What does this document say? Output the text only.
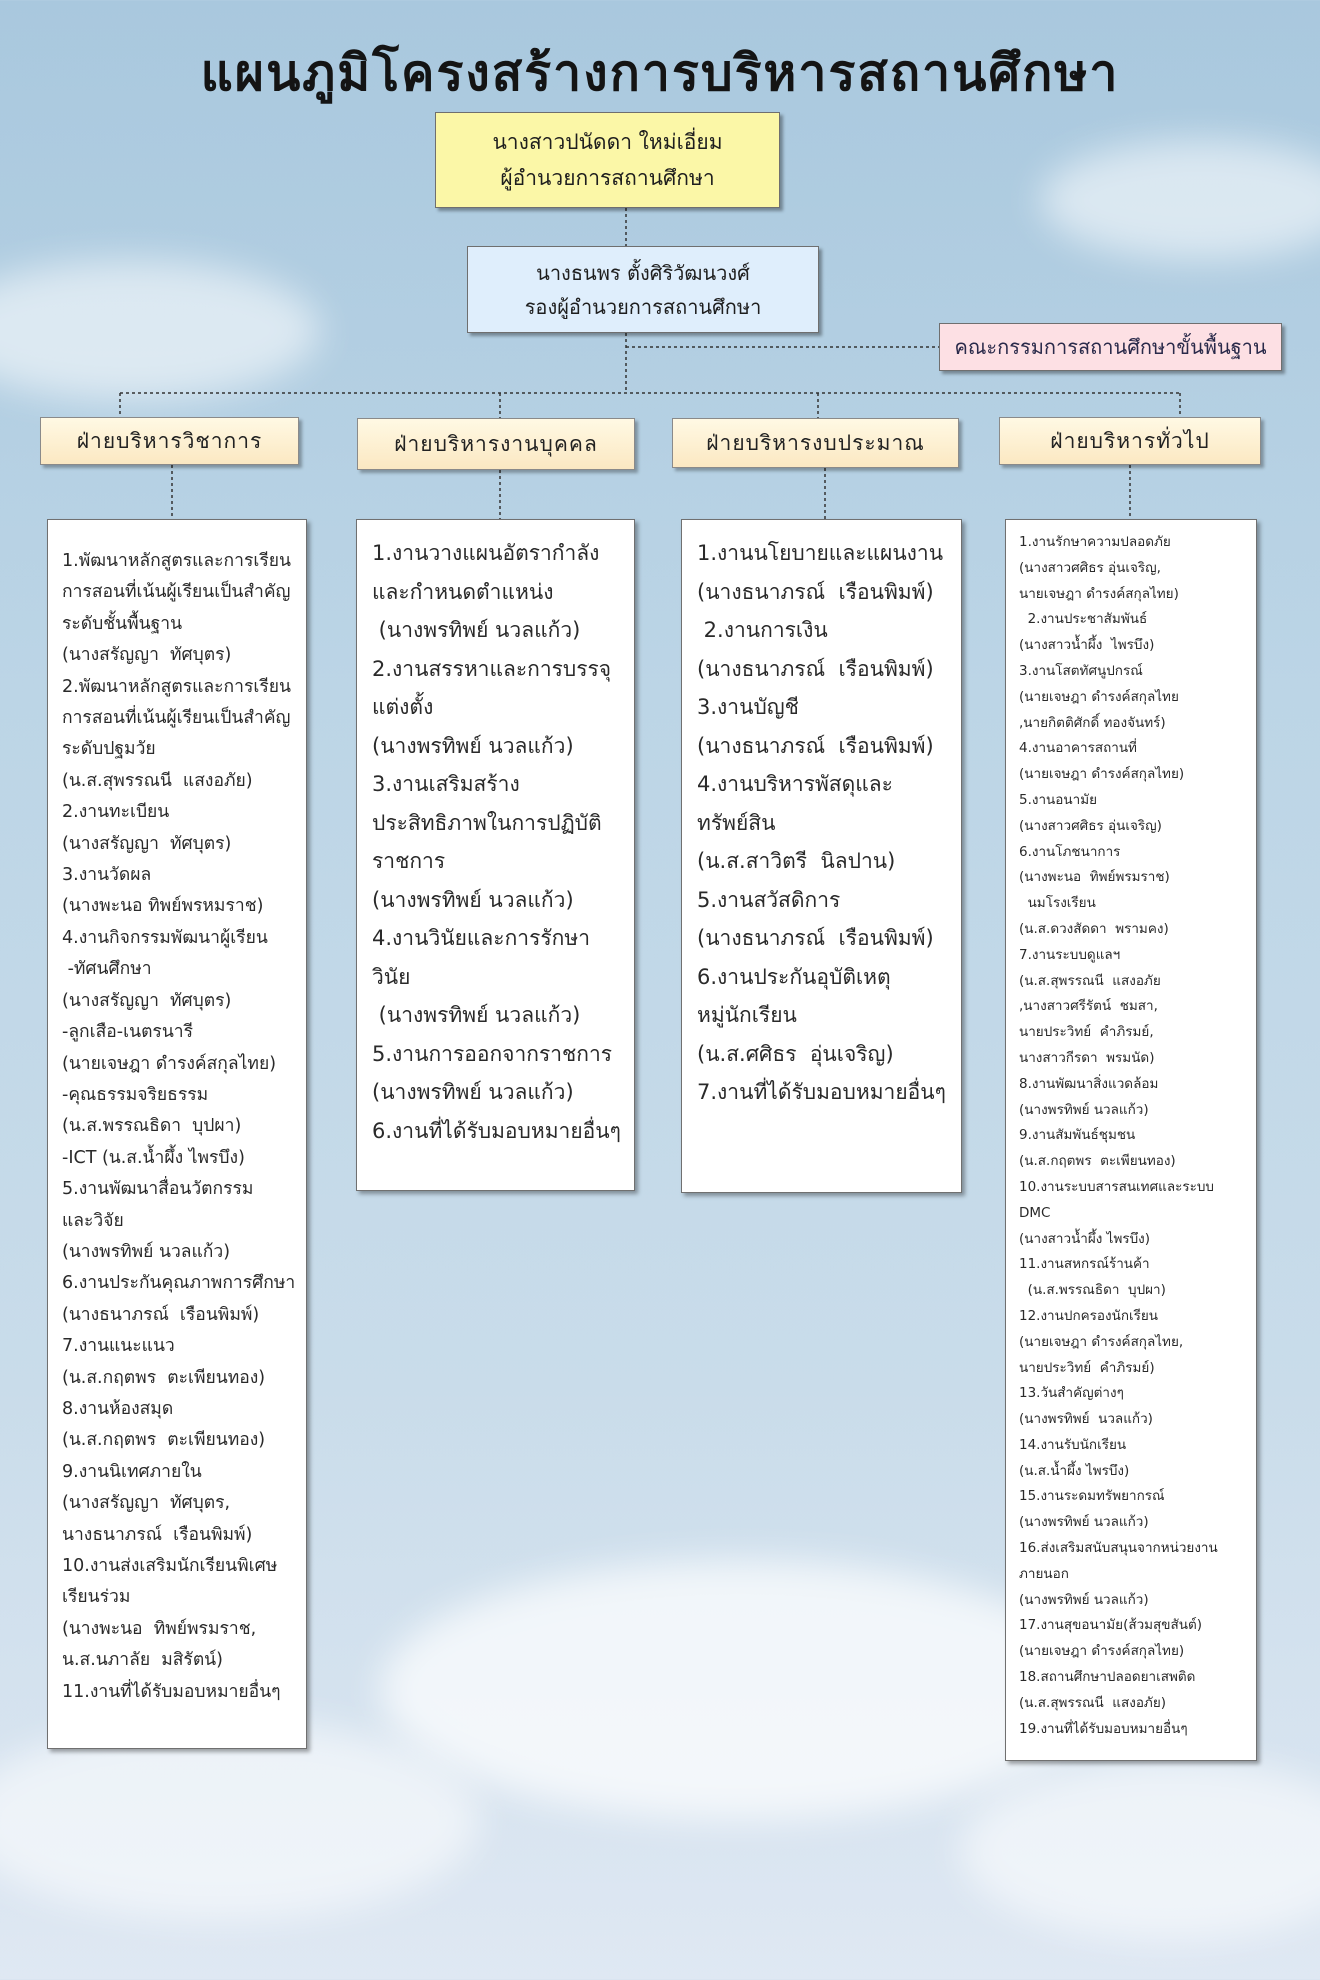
แผนภูมิโครงสร้างการบริหารสถานศึกษา
นางสาวปนัดดา ใหม่เอี่ยม
ผู้อำนวยการสถานศึกษา
นางธนพร ตั้งศิริวัฒนวงศ์
รองผู้อำนวยการสถานศึกษา
คณะกรรมการสถานศึกษาขั้นพื้นฐาน
ฝ่ายบริหารวิชาการ	ฝ่ายบริหารงานบุคคล	ฝ่ายบริหารงบประมาณ	ฝ่ายบริหารทั่วไป
1.พัฒนาหลักสูตรและการเรียน
การสอนที่เน้นผู้เรียนเป็นสำคัญ
ระดับชั้นพื้นฐาน
(นางสรัญญา  ทัศบุตร)
2.พัฒนาหลักสูตรและการเรียน
การสอนที่เน้นผู้เรียนเป็นสำคัญ
ระดับปฐมวัย
(น.ส.สุพรรณนี  แสงอภัย)
2.งานทะเบียน
(นางสรัญญา  ทัศบุตร)
3.งานวัดผล
(นางพะนอ ทิพย์พรหมราช)
4.งานกิจกรรมพัฒนาผู้เรียน
-ทัศนศึกษา
(นางสรัญญา  ทัศบุตร)
-ลูกเสือ-เนตรนารี
(นายเจษฎา ดำรงค์สกุลไทย)
-คุณธรรมจริยธรรม
(น.ส.พรรณธิดา  บุปผา)
-ICT (น.ส.น้ำผึ้ง ไพรบึง)
5.งานพัฒนาสื่อนวัตกรรม
และวิจัย
(นางพรทิพย์ นวลแก้ว)
6.งานประกันคุณภาพการศึกษา
(นางธนาภรณ์  เรือนพิมพ์)
7.งานแนะแนว
(น.ส.กฤตพร  ตะเพียนทอง)
8.งานห้องสมุด
(น.ส.กฤตพร  ตะเพียนทอง)
9.งานนิเทศภายใน
(นางสรัญญา  ทัศบุตร,
นางธนาภรณ์  เรือนพิมพ์)
10.งานส่งเสริมนักเรียนพิเศษ
เรียนร่วม
(นางพะนอ  ทิพย์พรมราช,
น.ส.นภาลัย  มสิรัตน์)
11.งานที่ได้รับมอบหมายอื่นๆ
1.งานวางแผนอัตรากำลัง
และกำหนดตำแหน่ง
(นางพรทิพย์ นวลแก้ว)
2.งานสรรหาและการบรรจุ
แต่งตั้ง
(นางพรทิพย์ นวลแก้ว)
3.งานเสริมสร้าง
ประสิทธิภาพในการปฏิบัติ
ราชการ
(นางพรทิพย์ นวลแก้ว)
4.งานวินัยและการรักษา
วินัย
(นางพรทิพย์ นวลแก้ว)
5.งานการออกจากราชการ
(นางพรทิพย์ นวลแก้ว)
6.งานที่ได้รับมอบหมายอื่นๆ
1.งานนโยบายและแผนงาน
(นางธนาภรณ์  เรือนพิมพ์)
2.งานการเงิน
(นางธนาภรณ์  เรือนพิมพ์)
3.งานบัญชี
(นางธนาภรณ์  เรือนพิมพ์)
4.งานบริหารพัสดุและ
ทรัพย์สิน
(น.ส.สาวิตรี  นิลปาน)
5.งานสวัสดิการ
(นางธนาภรณ์  เรือนพิมพ์)
6.งานประกันอุบัติเหตุ
หมู่นักเรียน
(น.ส.ศศิธร  อุ่นเจริญ)
7.งานที่ได้รับมอบหมายอื่นๆ
1.งานรักษาความปลอดภัย
(นางสาวศศิธร อุ่นเจริญ,
นายเจษฎา ดำรงค์สกุลไทย)
2.งานประชาสัมพันธ์
(นางสาวน้ำผึ้ง  ไพรบึง)
3.งานโสตทัศนูปกรณ์
(นายเจษฎา ดำรงค์สกุลไทย
,นายกิตติศักดิ์ ทองจันทร์)
4.งานอาคารสถานที่
(นายเจษฎา ดำรงค์สกุลไทย)
5.งานอนามัย
(นางสาวศศิธร อุ่นเจริญ)
6.งานโภชนาการ
(นางพะนอ  ทิพย์พรมราช)
นมโรงเรียน
(น.ส.ดวงสัดดา  พรามคง)
7.งานระบบดูแลฯ
(น.ส.สุพรรณนี  แสงอภัย
,นางสาวศรีรัตน์  ชมสา,
นายประวิทย์  คำภิรมย์,
นางสาวกีรดา  พรมนัด)
8.งานพัฒนาสิ่งแวดล้อม
(นางพรทิพย์ นวลแก้ว)
9.งานสัมพันธ์ชุมชน
(น.ส.กฤตพร  ตะเพียนทอง)
10.งานระบบสารสนเทศและระบบ
DMC
(นางสาวน้ำผึ้ง ไพรบึง)
11.งานสหกรณ์ร้านค้า
(น.ส.พรรณธิดา  บุปผา)
12.งานปกครองนักเรียน
(นายเจษฎา ดำรงค์สกุลไทย,
นายประวิทย์  คำภิรมย์)
13.วันสำคัญต่างๆ
(นางพรทิพย์  นวลแก้ว)
14.งานรับนักเรียน
(น.ส.น้ำผึ้ง ไพรบึง)
15.งานระดมทรัพยากรณ์
(นางพรทิพย์ นวลแก้ว)
16.ส่งเสริมสนับสนุนจากหน่วยงาน
ภายนอก
(นางพรทิพย์ นวลแก้ว)
17.งานสุขอนามัย(ส้วมสุขสันต์)
(นายเจษฎา ดำรงค์สกุลไทย)
18.สถานศึกษาปลอดยาเสพติด
(น.ส.สุพรรณนี  แสงอภัย)
19.งานที่ได้รับมอบหมายอื่นๆ
